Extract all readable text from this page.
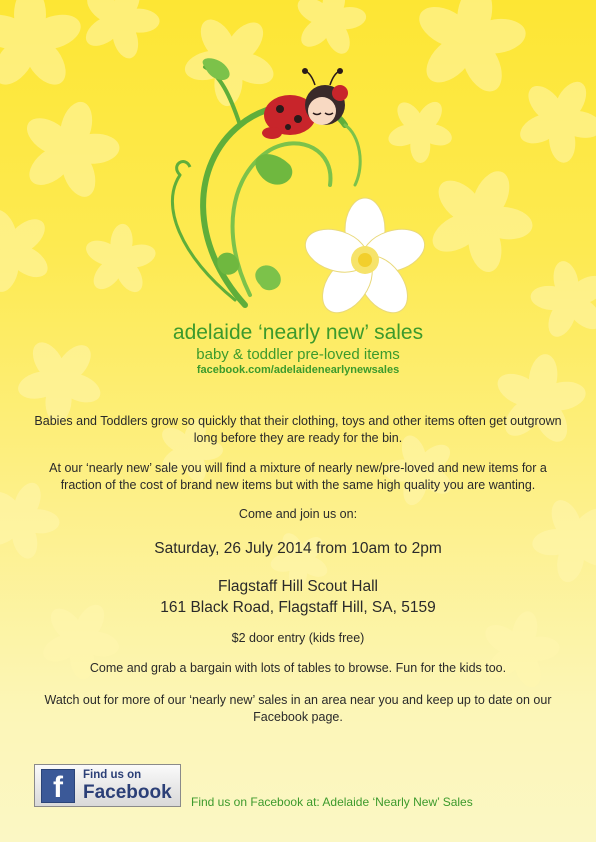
adelaide ‘nearly new’ sales
baby & toddler pre-loved items
facebook.com/adelaidenearlynewsales
Babies and Toddlers grow so quickly that their clothing, toys and other items often get outgrown long before they are ready for the bin.
At our ‘nearly new’ sale you will find a mixture of nearly new/pre-loved and new items for a fraction of the cost of brand new items but with the same high quality you are wanting.
Come and join us on:
Saturday, 26 July 2014 from 10am to 2pm
Flagstaff Hill Scout Hall
161 Black Road, Flagstaff Hill, SA, 5159
$2 door entry (kids free)
Come and grab a bargain with lots of tables to browse. Fun for the kids too.
Watch out for more of our ‘nearly new’ sales in an area near you and keep up to date on our Facebook page.
f	Find us on
Facebook Find us on Facebook at: Adelaide ‘Nearly New’ Sales
